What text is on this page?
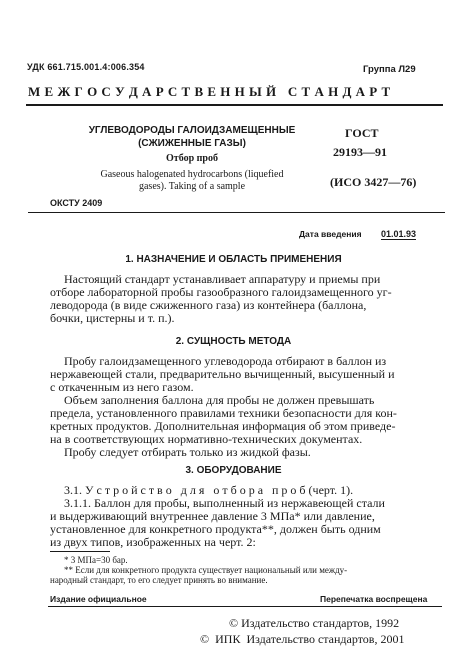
УДК 661.715.001.4:006.354	Группа Л29
М Е Ж Г О С У Д А Р С Т В Е Н Н Ы Й   С Т А Н Д А Р Т
УГЛЕВОДОРОДЫ ГАЛОИДЗАМЕЩЕННЫЕ
(СЖИЖЕННЫЕ ГАЗЫ)
Отбор проб
Gaseous halogenated hydrocarbons (liquefied
gases). Taking of a sample
ГОСТ
29193—91
(ИСО 3427—76)
ОКСТУ 2409
Дата введения 01.01.93
1. НАЗНАЧЕНИЕ И ОБЛАСТЬ ПРИМЕНЕНИЯ
Настоящий стандарт устанавливает аппаратуру и приемы при
отборе лабораторной пробы газообразного галоидзамещенного уг-
леводорода (в виде сжиженного газа) из контейнера (баллона,
бочки, цистерны и т. п.).
2. СУЩНОСТЬ МЕТОДА
Пробу галоидзамещенного углеводорода отбирают в баллон из
нержавеющей стали, предварительно вычищенный, высушенный и
с откаченным из него газом.
Объем заполнения баллона для пробы не должен превышать
предела, установленного правилами техники безопасности для кон-
кретных продуктов. Дополнительная информация об этом приведе-
на в соответствующих нормативно-технических документах.
Пробу следует отбирать только из жидкой фазы.
3. ОБОРУДОВАНИЕ
3.1. У с т р о й с т в о   д л я   о т б о р а   п р о б (черт. 1).
3.1.1. Баллон для пробы, выполненный из нержавеющей стали
и выдерживающий внутреннее давление 3 МПа* или давление,
установленное для конкретного продукта**, должен быть одним
из двух типов, изображенных на черт. 2:
* 3 МПа=30 бар.
** Если для конкретного продукта существует национальный или между-
народный стандарт, то его следует принять во внимание.
Издание официальное	Перепечатка воспрещена
© Издательство стандартов, 1992
©  ИПК  Издательство стандартов, 2001
